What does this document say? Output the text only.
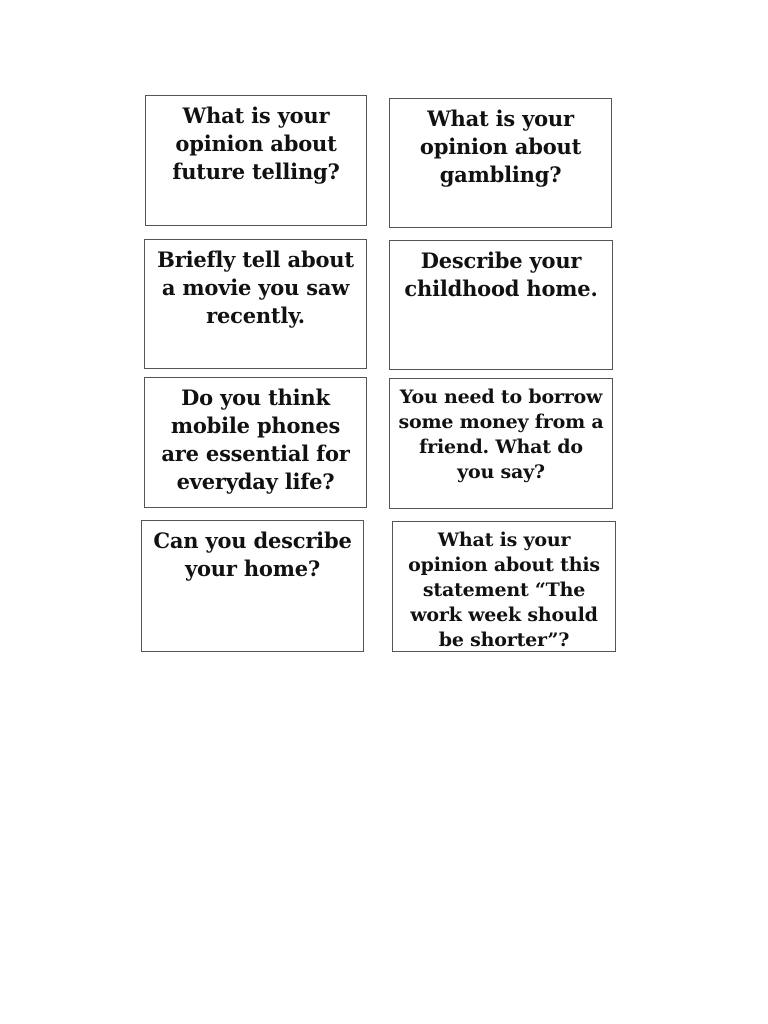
What is your opinion about future telling?
What is your opinion about gambling?
Briefly tell about a movie you saw recently.
Describe your childhood home.
Do you think mobile phones are essential for everyday life?
You need to borrow some money from a friend. What do you say?
Can you describe your home?
What is your opinion about this statement “The work week should be shorter”?
